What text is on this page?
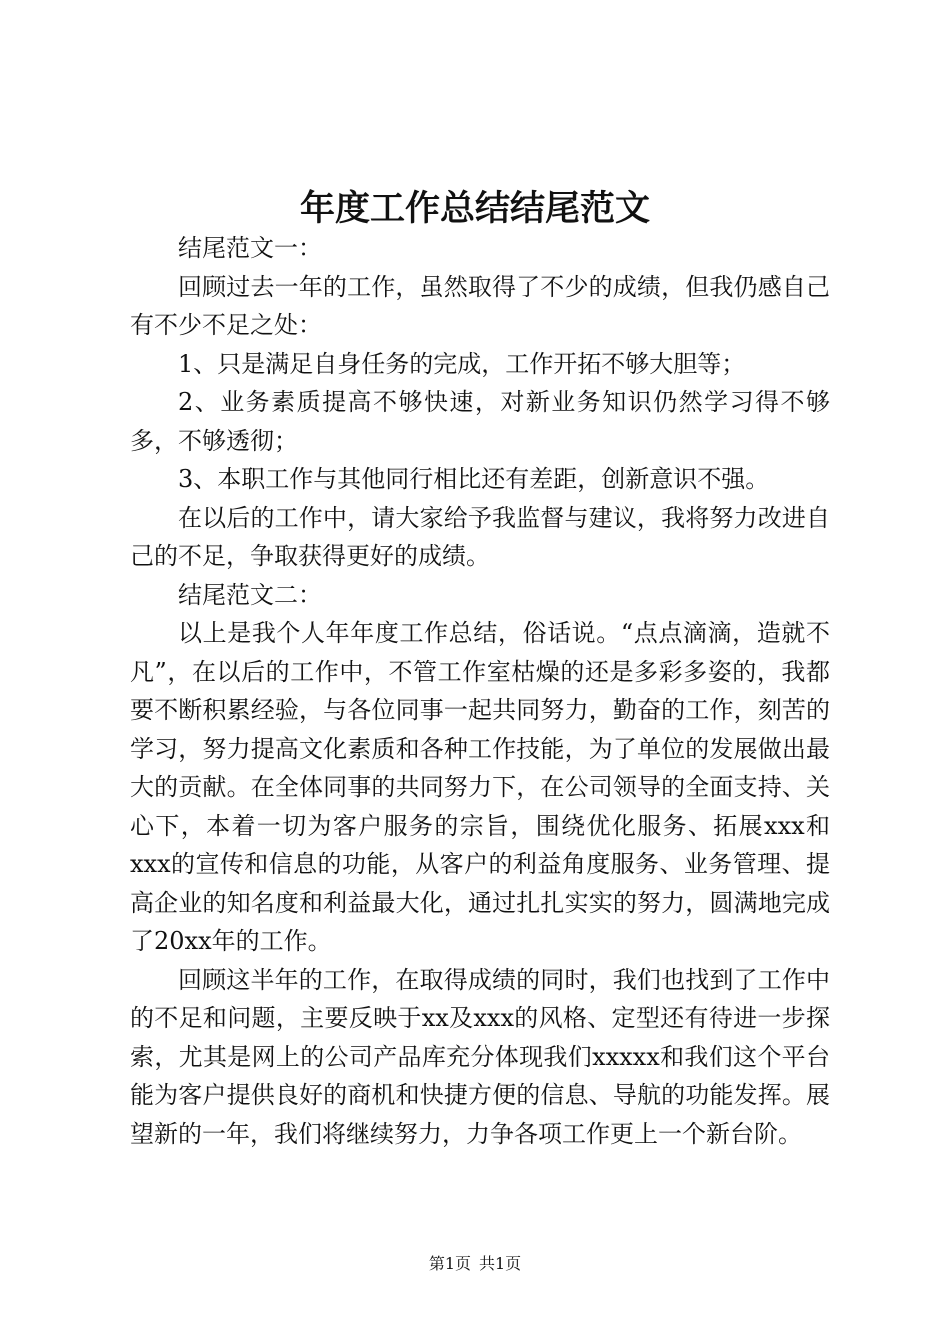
年度工作总结结尾范文

结尾范文一：

回顾过去一年的工作，虽然取得了不少的成绩，但我仍感自己有不少不足之处：

1、只是满足自身任务的完成，工作开拓不够大胆等；

2、业务素质提高不够快速，对新业务知识仍然学习得不够多，不够透彻；

3、本职工作与其他同行相比还有差距，创新意识不强。

在以后的工作中，请大家给予我监督与建议，我将努力改进自己的不足，争取获得更好的成绩。

结尾范文二：

以上是我个人年年度工作总结，俗话说。“点点滴滴，造就不凡”，在以后的工作中，不管工作室枯燥的还是多彩多姿的，我都要不断积累经验，与各位同事一起共同努力，勤奋的工作，刻苦的学习，努力提高文化素质和各种工作技能，为了单位的发展做出最大的贡献。在全体同事的共同努力下，在公司领导的全面支持、关心下，本着一切为客户服务的宗旨，围绕优化服务、拓展xxx和xxx的宣传和信息的功能，从客户的利益角度服务、业务管理、提高企业的知名度和利益最大化，通过扎扎实实的努力，圆满地完成了20xx年的工作。

回顾这半年的工作，在取得成绩的同时，我们也找到了工作中的不足和问题，主要反映于xx及xxx的风格、定型还有待进一步探索，尤其是网上的公司产品库充分体现我们xxxxx和我们这个平台能为客户提供良好的商机和快捷方便的信息、导航的功能发挥。展望新的一年，我们将继续努力，力争各项工作更上一个新台阶。

第1页 共1页
